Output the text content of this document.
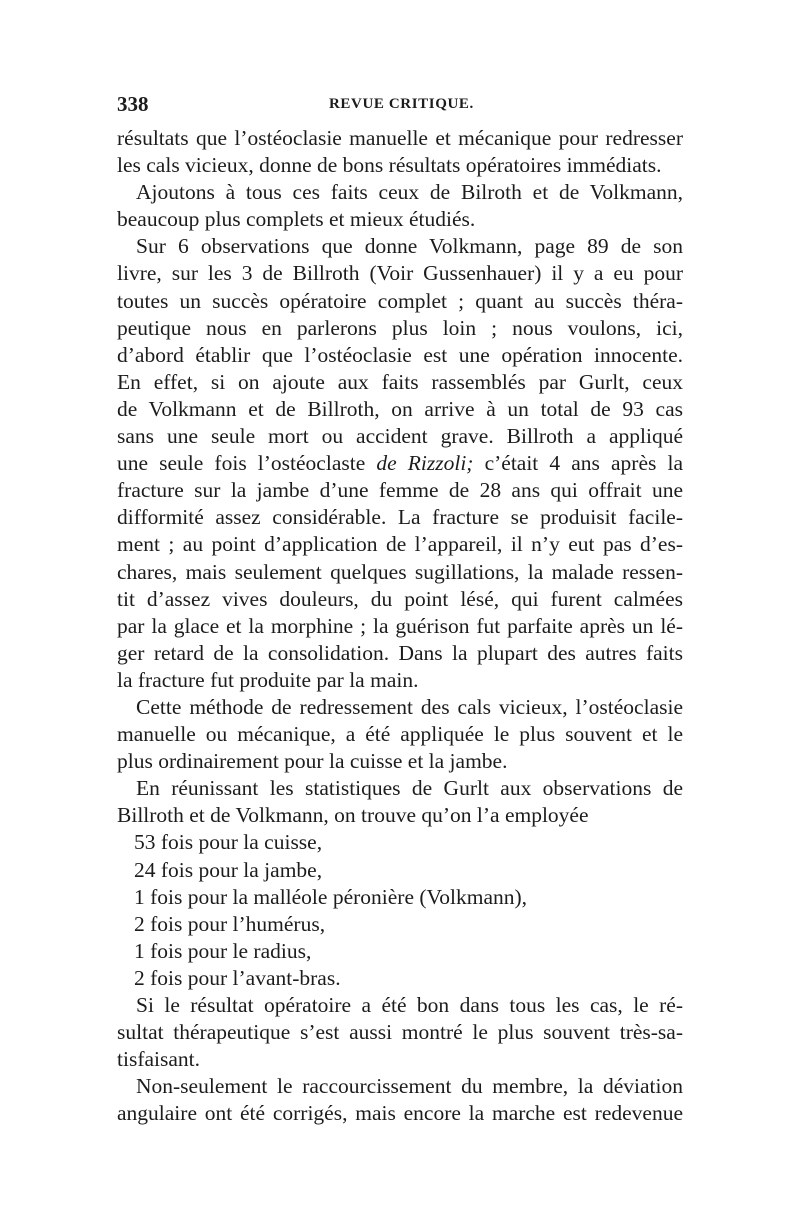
338	REVUE CRITIQUE.
résultats que l’ostéoclasie manuelle et mécanique pour redresser
les cals vicieux, donne de bons résultats opératoires immédiats.
Ajoutons à tous ces faits ceux de Bilroth et de Volkmann,
beaucoup plus complets et mieux étudiés.
Sur 6 observations que donne Volkmann, page 89 de son
livre, sur les 3 de Billroth (Voir Gussenhauer) il y a eu pour
toutes un succès opératoire complet ; quant au succès théra-
peutique nous en parlerons plus loin ; nous voulons, ici,
d’abord établir que l’ostéoclasie est une opération innocente.
En effet, si on ajoute aux faits rassemblés par Gurlt, ceux
de Volkmann et de Billroth, on arrive à un total de 93 cas
sans une seule mort ou accident grave. Billroth a appliqué
une seule fois l’ostéoclaste de Rizzoli; c’était 4 ans après la
fracture sur la jambe d’une femme de 28 ans qui offrait une
difformité assez considérable. La fracture se produisit facile-
ment ; au point d’application de l’appareil, il n’y eut pas d’es-
chares, mais seulement quelques sugillations, la malade ressen-
tit d’assez vives douleurs, du point lésé, qui furent calmées
par la glace et la morphine ; la guérison fut parfaite après un lé-
ger retard de la consolidation. Dans la plupart des autres faits
la fracture fut produite par la main.
Cette méthode de redressement des cals vicieux, l’ostéoclasie
manuelle ou mécanique, a été appliquée le plus souvent et le
plus ordinairement pour la cuisse et la jambe.
En réunissant les statistiques de Gurlt aux observations de
Billroth et de Volkmann, on trouve qu’on l’a employée
53 fois pour la cuisse,
24 fois pour la jambe,
1 fois pour la malléole péronière (Volkmann),
2 fois pour l’humérus,
1 fois pour le radius,
2 fois pour l’avant-bras.
Si le résultat opératoire a été bon dans tous les cas, le ré-
sultat thérapeutique s’est aussi montré le plus souvent très-sa-
tisfaisant.
Non-seulement le raccourcissement du membre, la déviation
angulaire ont été corrigés, mais encore la marche est redevenue
